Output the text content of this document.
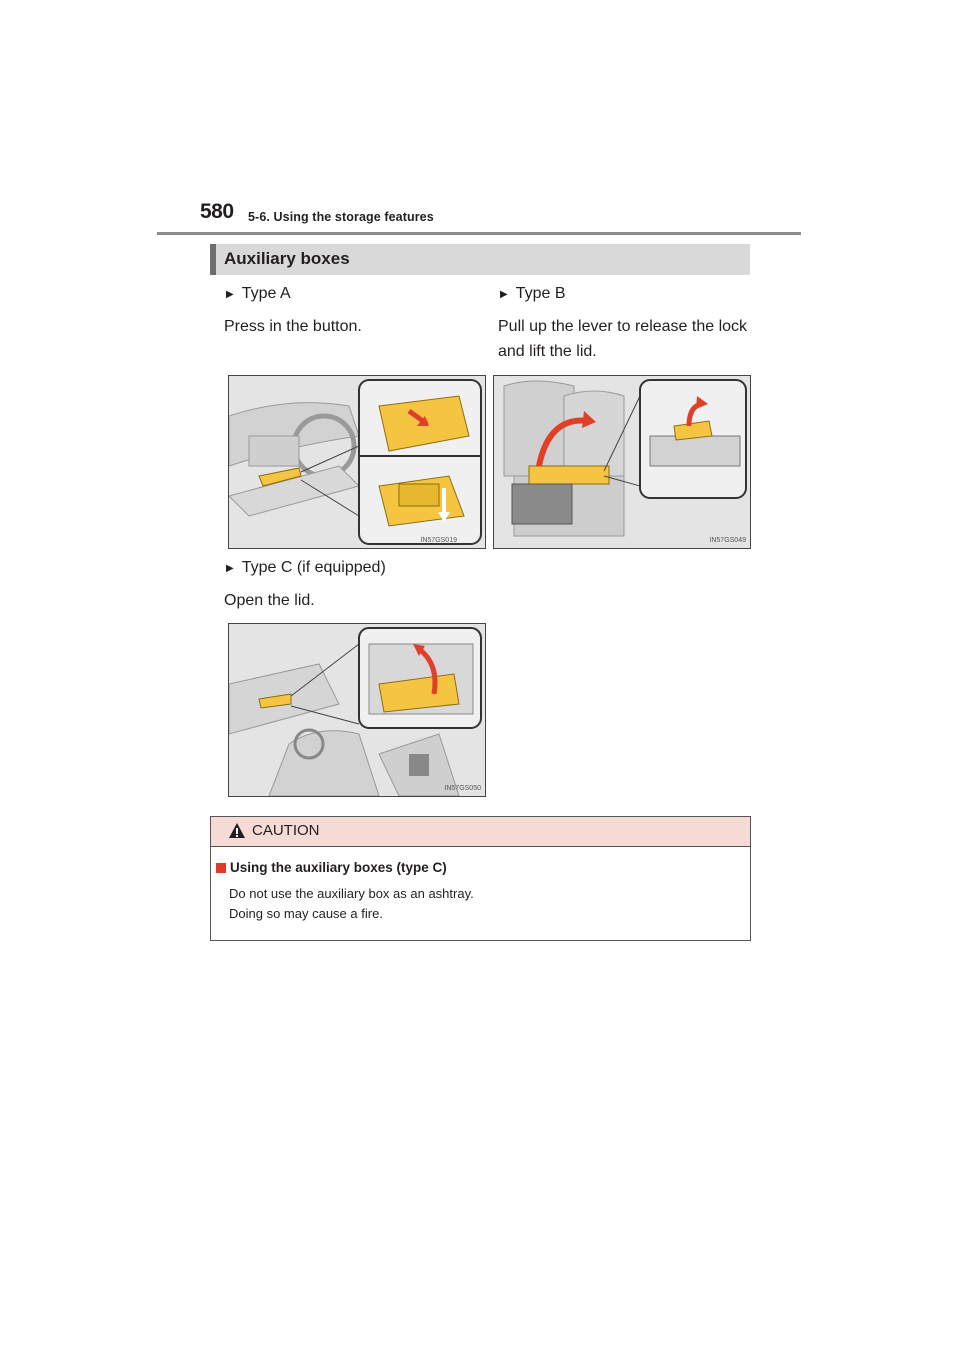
580 5-6. Using the storage features
Auxiliary boxes
▶ Type A
Press in the button.
▶ Type B
Pull up the lever to release the lock
and lift the lid.
IN57GS019	IN57GS049
▶ Type C (if equipped)
Open the lid.
IN57GS050
CAUTION
Using the auxiliary boxes (type C)
Do not use the auxiliary box as an ashtray.
Doing so may cause a fire.
